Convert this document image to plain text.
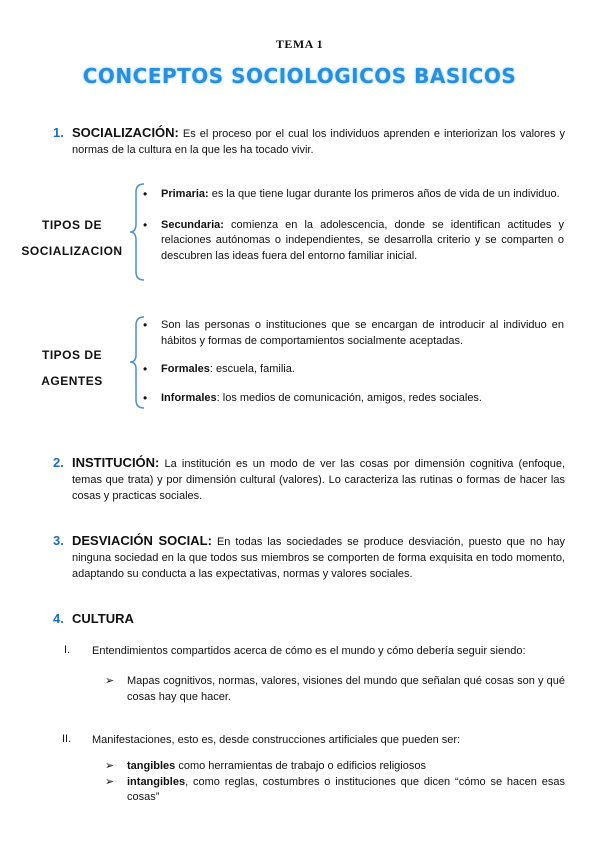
TEMA 1
CONCEPTOS SOCIOLOGICOS BASICOS
1. SOCIALIZACIÓN: Es el proceso por el cual los individuos aprenden e interiorizan los valores y normas de la cultura en la que les ha tocado vivir.
TIPOS DE
SOCIALIZACION
• Primaria: es la que tiene lugar durante los primeros años de vida de un individuo.
• Secundaria: comienza en la adolescencia, donde se identifican actitudes y relaciones autónomas o independientes, se desarrolla criterio y se comparten o descubren las ideas fuera del entorno familiar inicial.
TIPOS DE
AGENTES
• Son las personas o instituciones que se encargan de introducir al individuo en hábitos y formas de comportamientos socialmente aceptadas.
• Formales: escuela, familia.
• Informales: los medios de comunicación, amigos, redes sociales.
2. INSTITUCIÓN: La institución es un modo de ver las cosas por dimensión cognitiva (enfoque, temas que trata) y por dimensión cultural (valores). Lo caracteriza las rutinas o formas de hacer las cosas y practicas sociales.
3. DESVIACIÓN SOCIAL: En todas las sociedades se produce desviación, puesto que no hay ninguna sociedad en la que todos sus miembros se comporten de forma exquisita en todo momento, adaptando su conducta a las expectativas, normas y valores sociales.
4. CULTURA
I. Entendimientos compartidos acerca de cómo es el mundo y cómo debería seguir siendo:
➢ Mapas cognitivos, normas, valores, visiones del mundo que señalan qué cosas son y qué cosas hay que hacer.
II. Manifestaciones, esto es, desde construcciones artificiales que pueden ser:
➢ tangibles como herramientas de trabajo o edificios religiosos
➢ intangibles, como reglas, costumbres o instituciones que dicen “cómo se hacen esas cosas”
